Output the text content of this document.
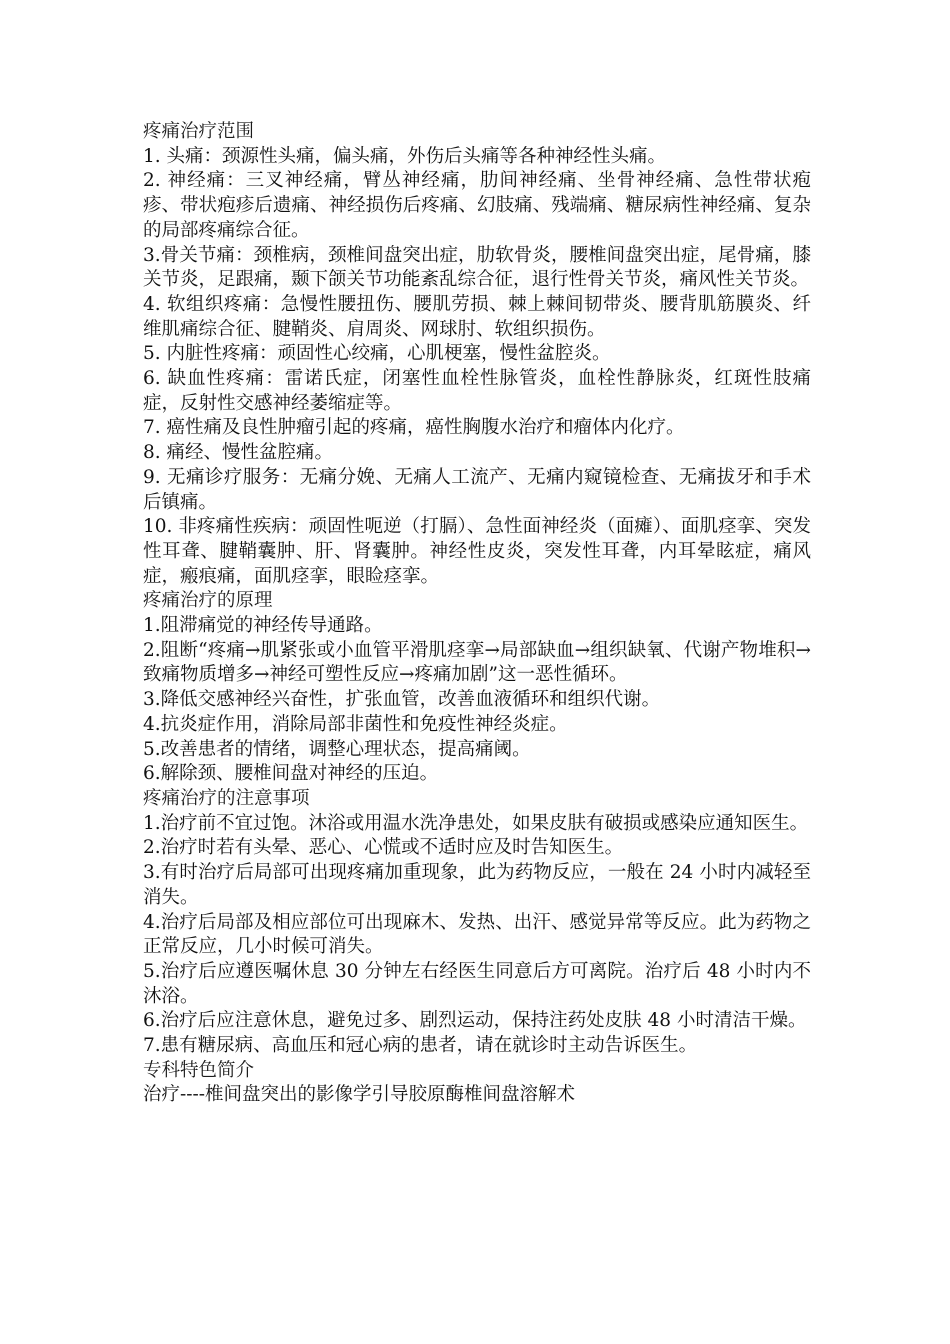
疼痛治疗范围

1. 头痛：颈源性头痛，偏头痛，外伤后头痛等各种神经性头痛。

2. 神经痛：三叉神经痛，臂丛神经痛，肋间神经痛、坐骨神经痛、急性带状疱疹、带状疱疹后遗痛、神经损伤后疼痛、幻肢痛、残端痛、糖尿病性神经痛、复杂的局部疼痛综合征。

3.骨关节痛：颈椎病，颈椎间盘突出症，肋软骨炎，腰椎间盘突出症，尾骨痛，膝关节炎，足跟痛，颞下颌关节功能紊乱综合征，退行性骨关节炎，痛风性关节炎。

4. 软组织疼痛：急慢性腰扭伤、腰肌劳损、棘上棘间韧带炎、腰背肌筋膜炎、纤维肌痛综合征、腱鞘炎、肩周炎、网球肘、软组织损伤。

5. 内脏性疼痛：顽固性心绞痛，心肌梗塞，慢性盆腔炎。

6. 缺血性疼痛：雷诺氏症，闭塞性血栓性脉管炎，血栓性静脉炎，红斑性肢痛症，反射性交感神经萎缩症等。

7. 癌性痛及良性肿瘤引起的疼痛，癌性胸腹水治疗和瘤体内化疗。

8. 痛经、慢性盆腔痛。

9. 无痛诊疗服务：无痛分娩、无痛人工流产、无痛内窥镜检查、无痛拔牙和手术后镇痛。

10. 非疼痛性疾病：顽固性呃逆（打膈）、急性面神经炎（面瘫）、面肌痉挛、突发性耳聋、腱鞘囊肿、肝、肾囊肿。神经性皮炎，突发性耳聋，内耳晕眩症，痛风症，瘢痕痛，面肌痉挛，眼睑痉挛。

疼痛治疗的原理

1.阻滞痛觉的神经传导通路。

2.阻断“疼痛→肌紧张或小血管平滑肌痉挛→局部缺血→组织缺氧、代谢产物堆积→致痛物质增多→神经可塑性反应→疼痛加剧”这一恶性循环。

3.降低交感神经兴奋性，扩张血管，改善血液循环和组织代谢。

4.抗炎症作用，消除局部非菌性和免疫性神经炎症。

5.改善患者的情绪，调整心理状态，提高痛阈。

6.解除颈、腰椎间盘对神经的压迫。

疼痛治疗的注意事项

1.治疗前不宜过饱。沐浴或用温水洗净患处，如果皮肤有破损或感染应通知医生。

2.治疗时若有头晕、恶心、心慌或不适时应及时告知医生。

3.有时治疗后局部可出现疼痛加重现象，此为药物反应，一般在 24 小时内减轻至消失。

4.治疗后局部及相应部位可出现麻木、发热、出汗、感觉异常等反应。此为药物之正常反应，几小时候可消失。

5.治疗后应遵医嘱休息 30 分钟左右经医生同意后方可离院。治疗后 48 小时内不沐浴。

6.治疗后应注意休息，避免过多、剧烈运动，保持注药处皮肤 48 小时清洁干燥。

7.患有糖尿病、高血压和冠心病的患者，请在就诊时主动告诉医生。

专科特色简介

治疗----椎间盘突出的影像学引导胶原酶椎间盘溶解术
